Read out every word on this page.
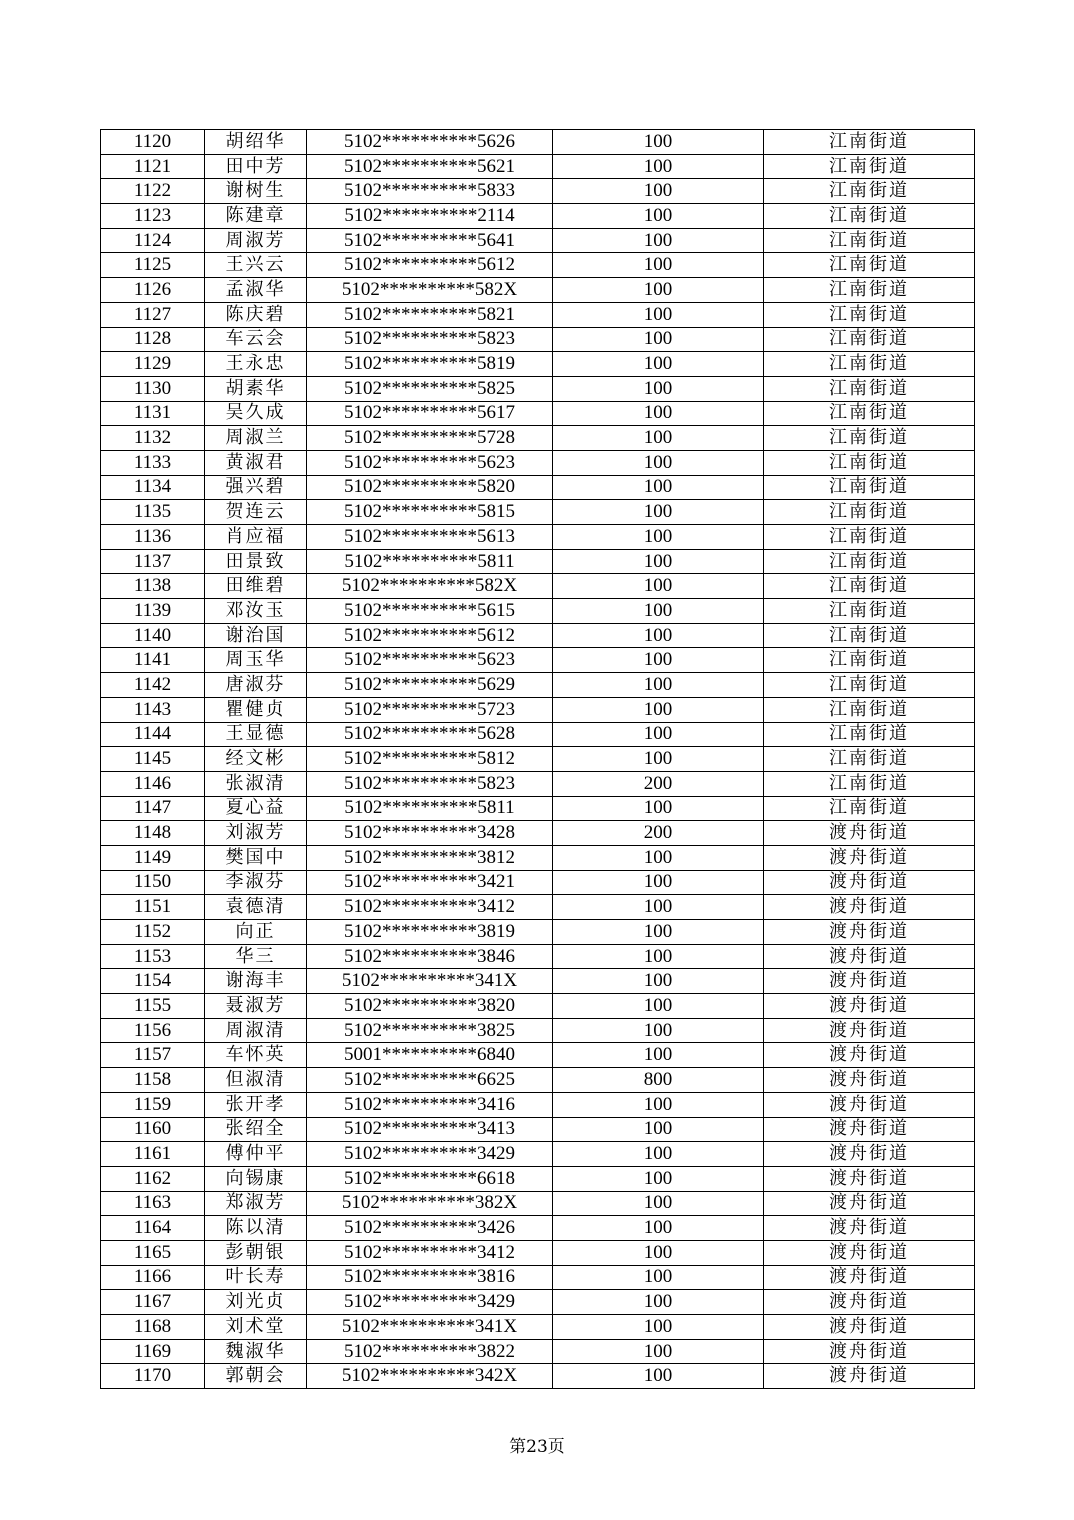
1120	胡绍华	5102**********5626	100	江南街道
1121	田中芳	5102**********5621	100	江南街道
1122	谢树生	5102**********5833	100	江南街道
1123	陈建章	5102**********2114	100	江南街道
1124	周淑芳	5102**********5641	100	江南街道
1125	王兴云	5102**********5612	100	江南街道
1126	孟淑华	5102**********582X	100	江南街道
1127	陈庆碧	5102**********5821	100	江南街道
1128	车云会	5102**********5823	100	江南街道
1129	王永忠	5102**********5819	100	江南街道
1130	胡素华	5102**********5825	100	江南街道
1131	吴久成	5102**********5617	100	江南街道
1132	周淑兰	5102**********5728	100	江南街道
1133	黄淑君	5102**********5623	100	江南街道
1134	强兴碧	5102**********5820	100	江南街道
1135	贺连云	5102**********5815	100	江南街道
1136	肖应福	5102**********5613	100	江南街道
1137	田景致	5102**********5811	100	江南街道
1138	田维碧	5102**********582X	100	江南街道
1139	邓汝玉	5102**********5615	100	江南街道
1140	谢治国	5102**********5612	100	江南街道
1141	周玉华	5102**********5623	100	江南街道
1142	唐淑芬	5102**********5629	100	江南街道
1143	瞿健贞	5102**********5723	100	江南街道
1144	王显德	5102**********5628	100	江南街道
1145	经文彬	5102**********5812	100	江南街道
1146	张淑清	5102**********5823	200	江南街道
1147	夏心益	5102**********5811	100	江南街道
1148	刘淑芳	5102**********3428	200	渡舟街道
1149	樊国中	5102**********3812	100	渡舟街道
1150	李淑芬	5102**********3421	100	渡舟街道
1151	袁德清	5102**********3412	100	渡舟街道
1152	向正	5102**********3819	100	渡舟街道
1153	华三	5102**********3846	100	渡舟街道
1154	谢海丰	5102**********341X	100	渡舟街道
1155	聂淑芳	5102**********3820	100	渡舟街道
1156	周淑清	5102**********3825	100	渡舟街道
1157	车怀英	5001**********6840	100	渡舟街道
1158	但淑清	5102**********6625	800	渡舟街道
1159	张开孝	5102**********3416	100	渡舟街道
1160	张绍全	5102**********3413	100	渡舟街道
1161	傅仲平	5102**********3429	100	渡舟街道
1162	向锡康	5102**********6618	100	渡舟街道
1163	郑淑芳	5102**********382X	100	渡舟街道
1164	陈以清	5102**********3426	100	渡舟街道
1165	彭朝银	5102**********3412	100	渡舟街道
1166	叶长寿	5102**********3816	100	渡舟街道
1167	刘光贞	5102**********3429	100	渡舟街道
1168	刘术堂	5102**********341X	100	渡舟街道
1169	魏淑华	5102**********3822	100	渡舟街道
1170	郭朝会	5102**********342X	100	渡舟街道
第23页
